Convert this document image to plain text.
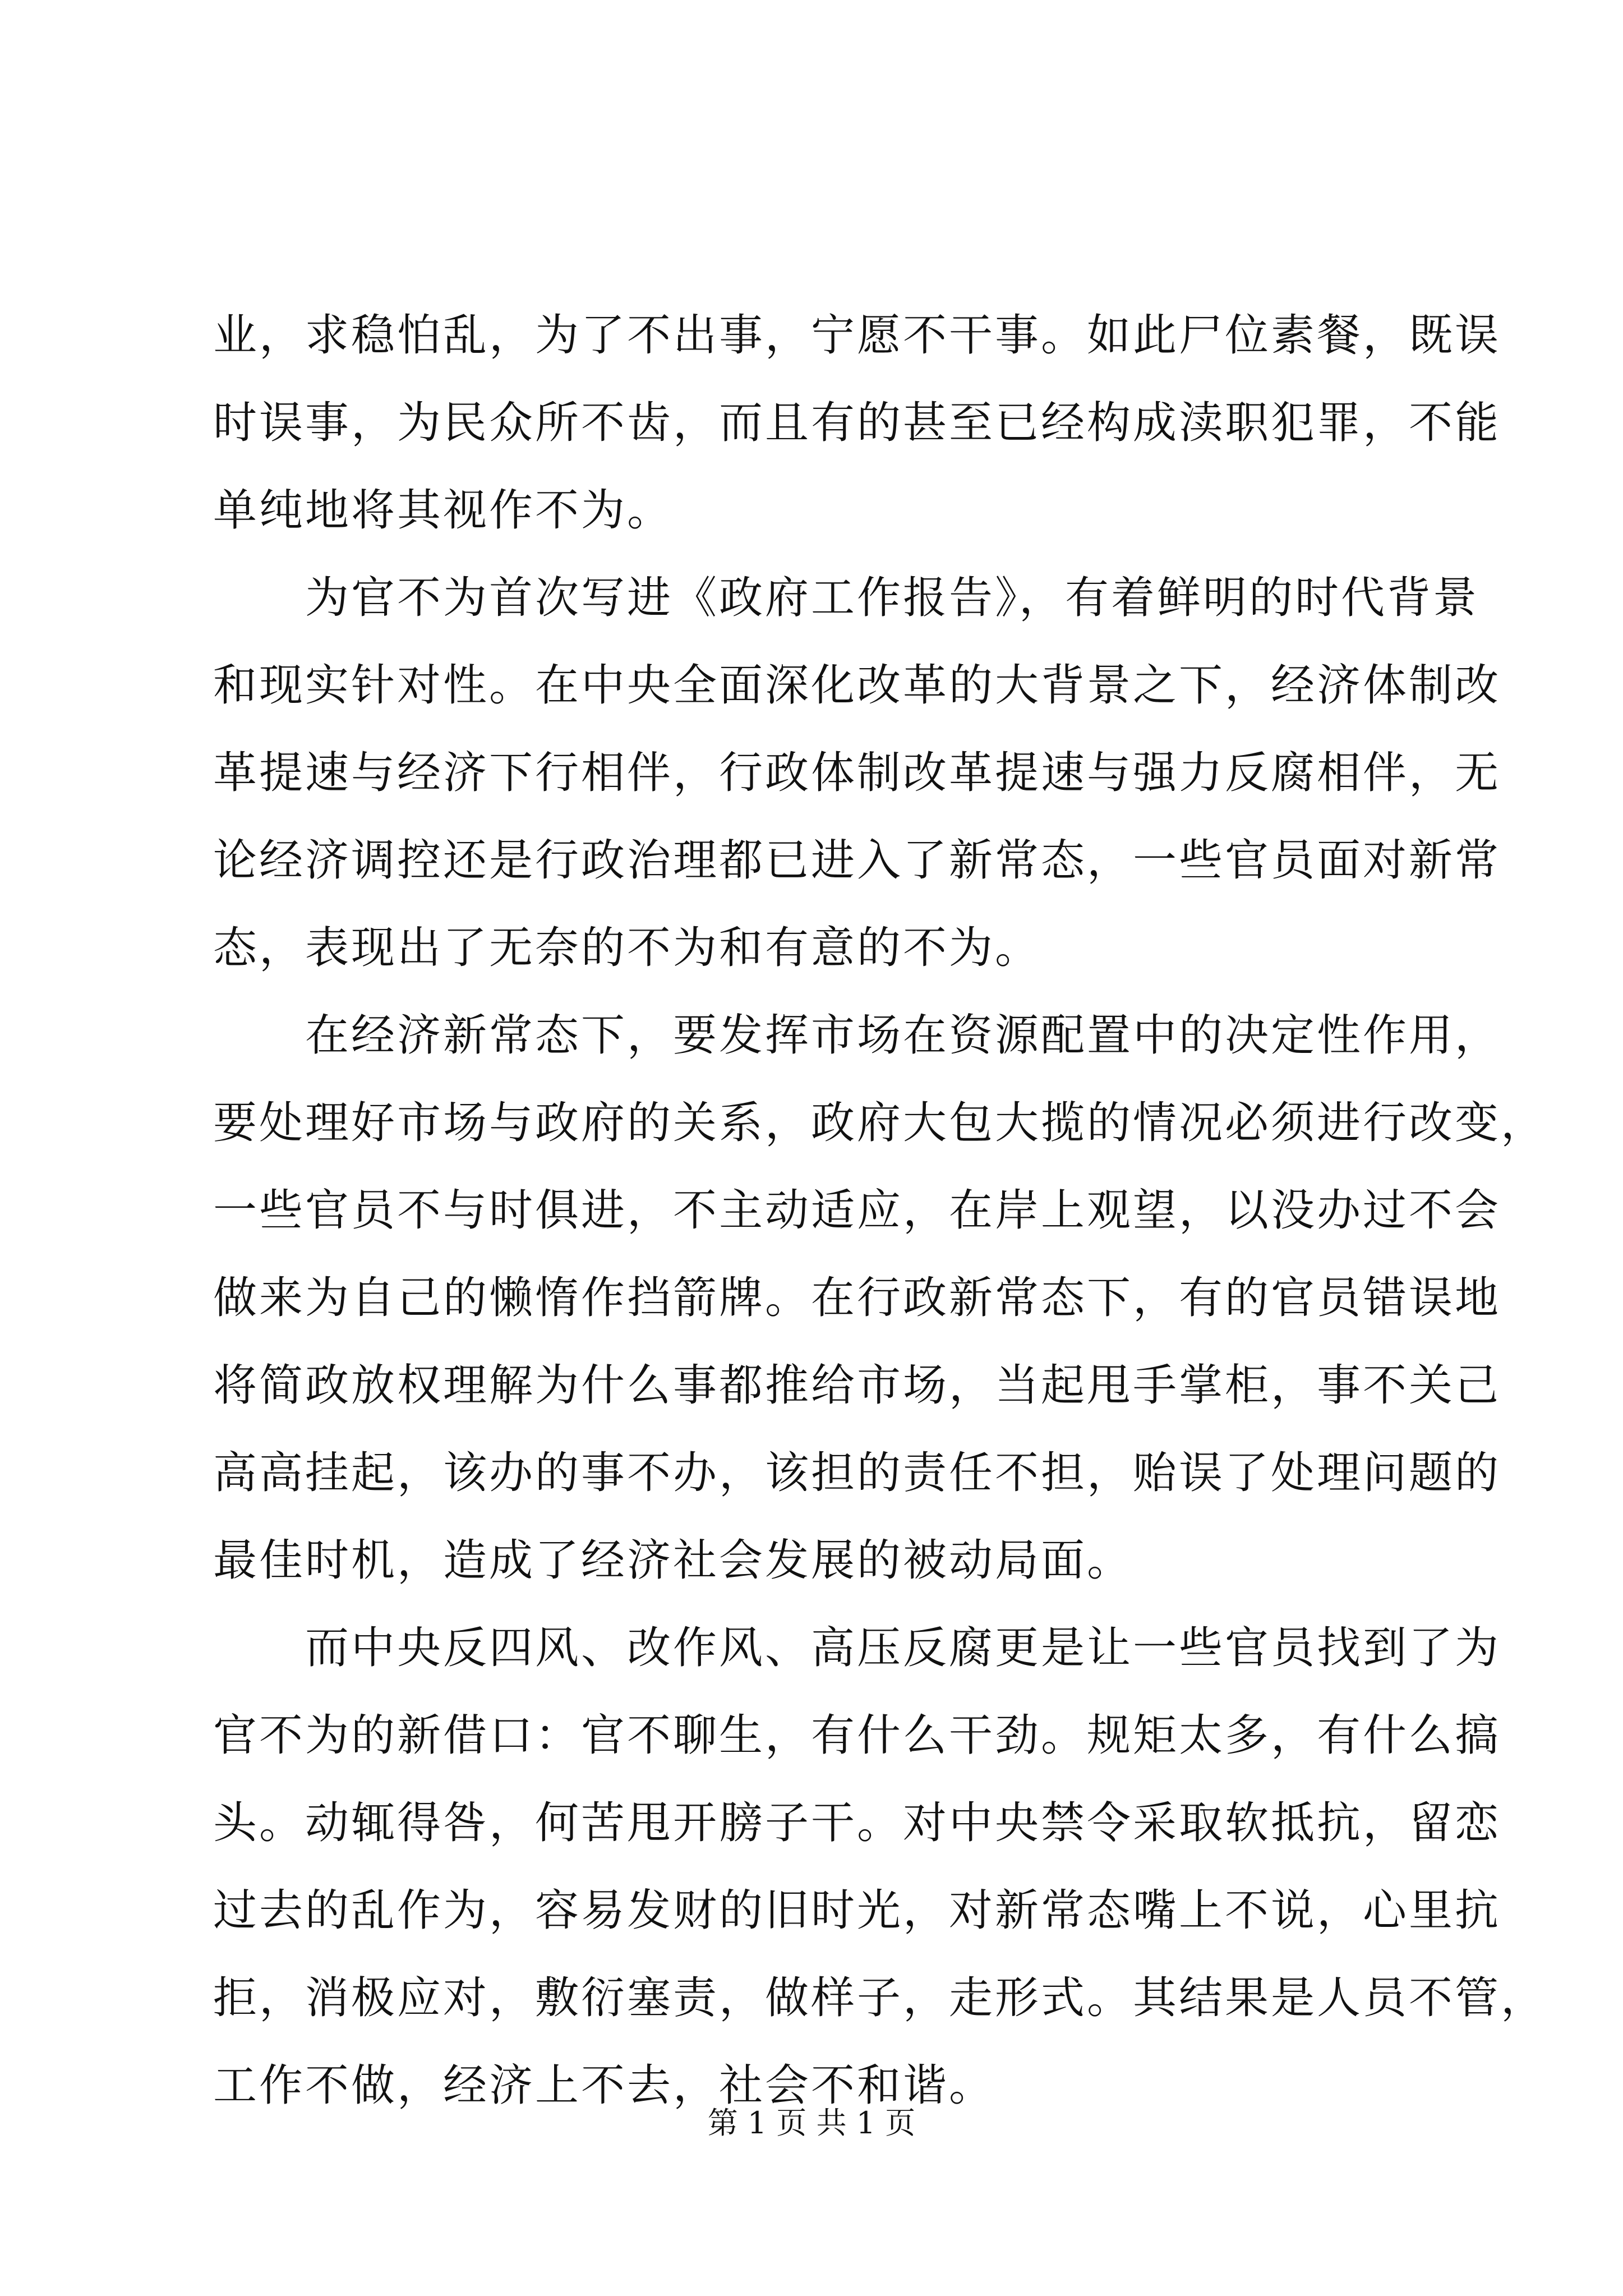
业，求稳怕乱，为了不出事，宁愿不干事。如此尸位素餐，既误
时误事，为民众所不齿，而且有的甚至已经构成渎职犯罪，不能
单纯地将其视作不为。
　　为官不为首次写进《政府工作报告》，有着鲜明的时代背景
和现实针对性。在中央全面深化改革的大背景之下，经济体制改
革提速与经济下行相伴，行政体制改革提速与强力反腐相伴，无
论经济调控还是行政治理都已进入了新常态，一些官员面对新常
态，表现出了无奈的不为和有意的不为。
　　在经济新常态下，要发挥市场在资源配置中的决定性作用，
要处理好市场与政府的关系，政府大包大揽的情况必须进行改变，
一些官员不与时俱进，不主动适应，在岸上观望，以没办过不会
做来为自己的懒惰作挡箭牌。在行政新常态下，有的官员错误地
将简政放权理解为什么事都推给市场，当起甩手掌柜，事不关己
高高挂起，该办的事不办，该担的责任不担，贻误了处理问题的
最佳时机，造成了经济社会发展的被动局面。
　　而中央反四风、改作风、高压反腐更是让一些官员找到了为
官不为的新借口：官不聊生，有什么干劲。规矩太多，有什么搞
头。动辄得咎，何苦甩开膀子干。对中央禁令采取软抵抗，留恋
过去的乱作为，容易发财的旧时光，对新常态嘴上不说，心里抗
拒，消极应对，敷衍塞责，做样子，走形式。其结果是人员不管，
工作不做，经济上不去，社会不和谐。
第 1 页 共 1 页
